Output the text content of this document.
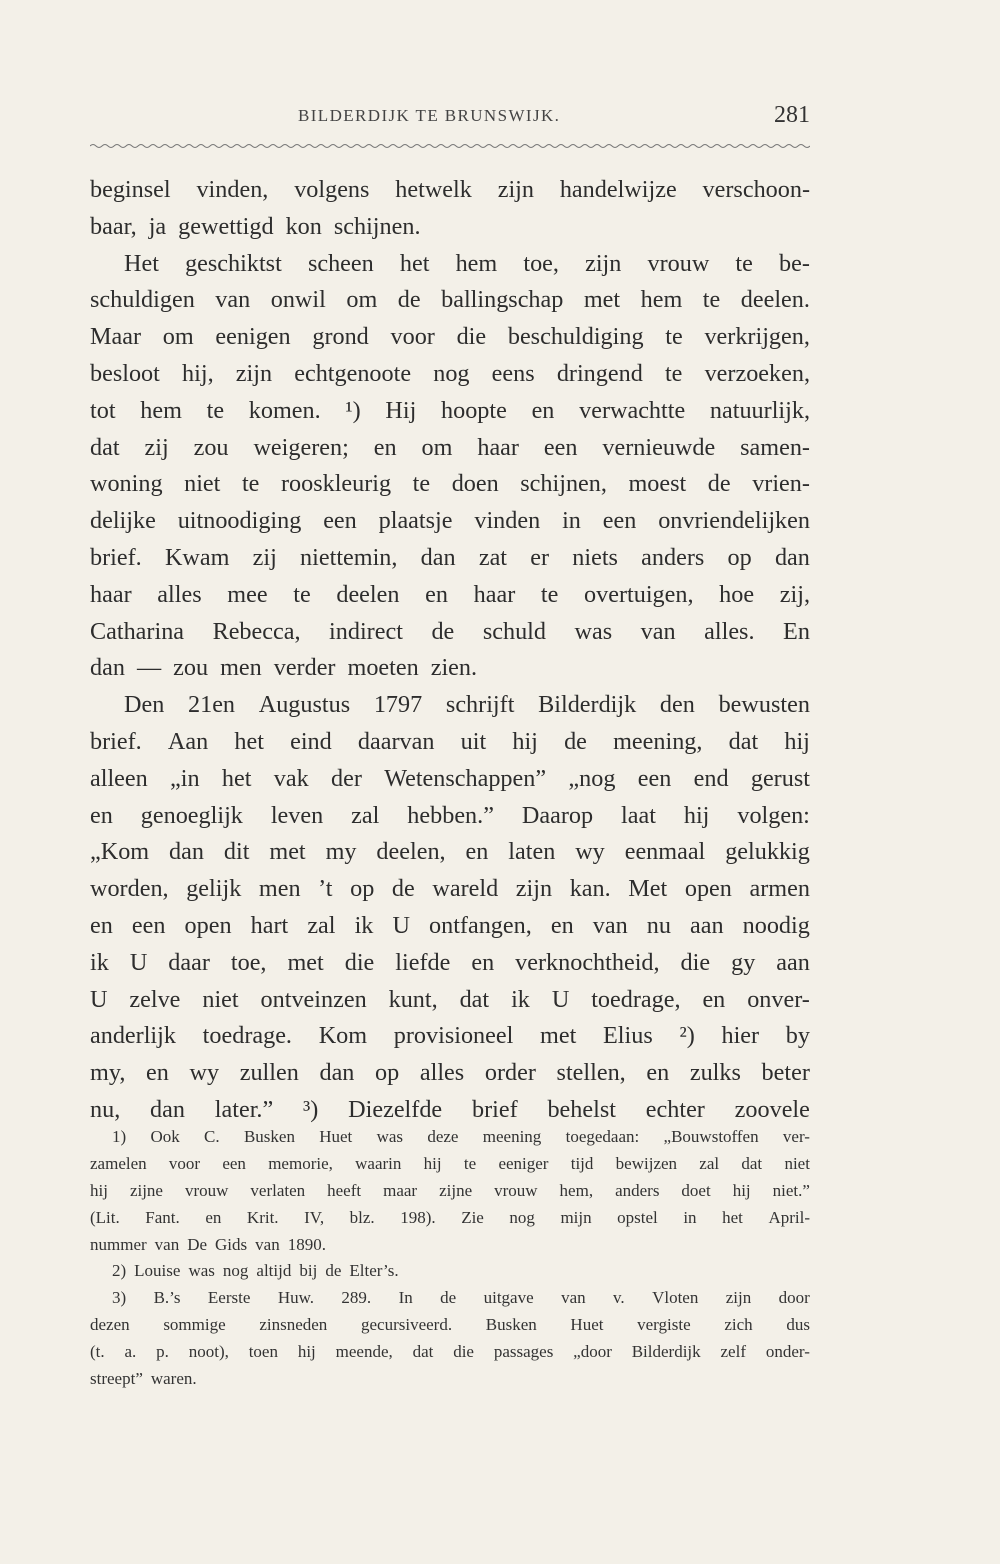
BILDERDIJK TE BRUNSWIJK.	281
beginsel vinden, volgens hetwelk zijn handelwijze verschoon-
baar, ja gewettigd kon schijnen.
Het geschiktst scheen het hem toe, zijn vrouw te be-
schuldigen van onwil om de ballingschap met hem te deelen.
Maar om eenigen grond voor die beschuldiging te verkrijgen,
besloot hij, zijn echtgenoote nog eens dringend te verzoeken,
tot hem te komen. ¹) Hij hoopte en verwachtte natuurlijk,
dat zij zou weigeren; en om haar een vernieuwde samen-
woning niet te rooskleurig te doen schijnen, moest de vrien-
delijke uitnoodiging een plaatsje vinden in een onvriendelijken
brief. Kwam zij niettemin, dan zat er niets anders op dan
haar alles mee te deelen en haar te overtuigen, hoe zij,
Catharina Rebecca, indirect de schuld was van alles. En
dan — zou men verder moeten zien.
Den 21en Augustus 1797 schrijft Bilderdijk den bewusten
brief. Aan het eind daarvan uit hij de meening, dat hij
alleen „in het vak der Wetenschappen” „nog een end gerust
en genoeglijk leven zal hebben.” Daarop laat hij volgen:
„Kom dan dit met my deelen, en laten wy eenmaal gelukkig
worden, gelijk men ’t op de wareld zijn kan. Met open armen
en een open hart zal ik U ontfangen, en van nu aan noodig
ik U daar toe, met die liefde en verknochtheid, die gy aan
U zelve niet ontveinzen kunt, dat ik U toedrage, en onver-
anderlijk toedrage. Kom provisioneel met Elius ²) hier by
my, en wy zullen dan op alles order stellen, en zulks beter
nu, dan later.” ³) Diezelfde brief behelst echter zoovele
1) Ook C. Busken Huet was deze meening toegedaan: „Bouwstoffen ver-
zamelen voor een memorie, waarin hij te eeniger tijd bewijzen zal dat niet
hij zijne vrouw verlaten heeft maar zijne vrouw hem, anders doet hij niet.”
(Lit. Fant. en Krit. IV, blz. 198). Zie nog mijn opstel in het April-
nummer van De Gids van 1890.
2) Louise was nog altijd bij de Elter’s.
3) B.’s Eerste Huw. 289. In de uitgave van v. Vloten zijn door
dezen sommige zinsneden gecursiveerd. Busken Huet vergiste zich dus
(t. a. p. noot), toen hij meende, dat die passages „door Bilderdijk zelf onder-
streept” waren.
